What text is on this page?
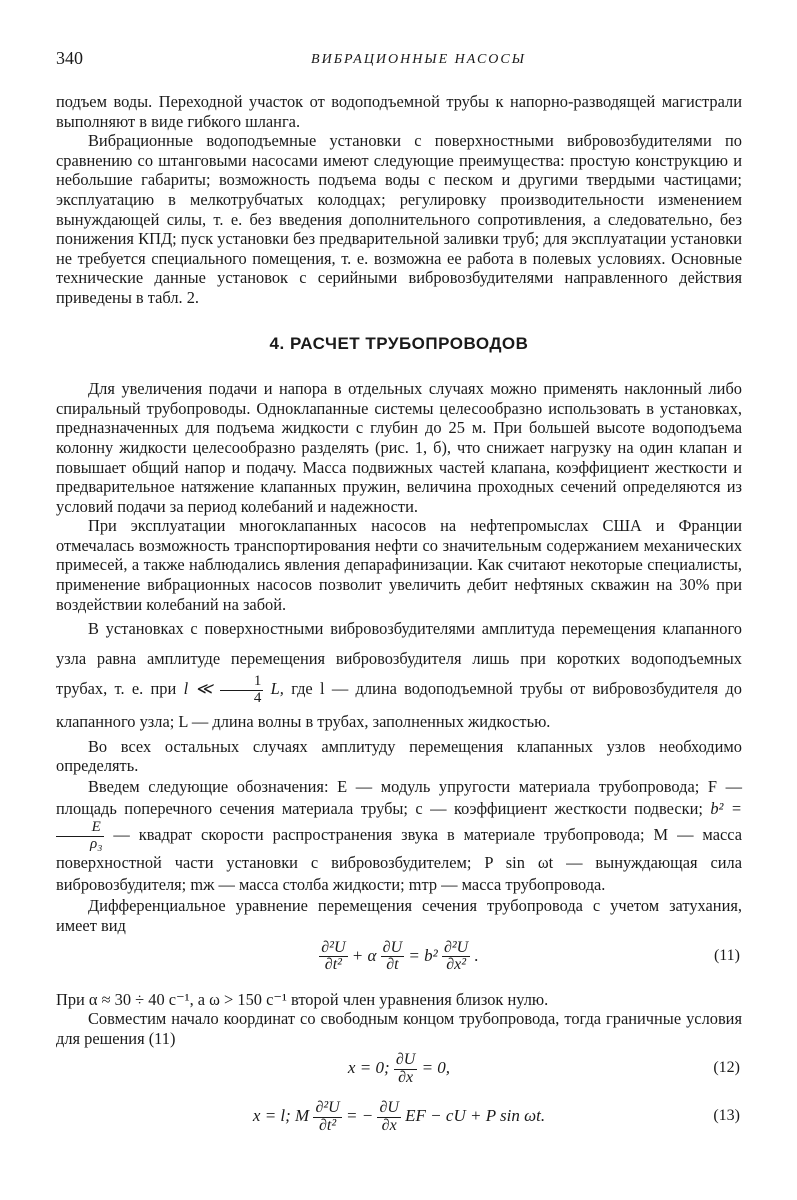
340	ВИБРАЦИОННЫЕ НАСОСЫ

подъем воды. Переходной участок от водоподъемной трубы к напорно-разводящей магистрали выполняют в виде гибкого шланга.

Вибрационные водоподъемные установки с поверхностными вибровозбудителями по сравнению со штанговыми насосами имеют следующие преимущества: простую конструкцию и небольшие габариты; возможность подъема воды с песком и другими твердыми частицами; эксплуатацию в мелкотрубчатых колодцах; регулировку производительности изменением вынуждающей силы, т. е. без введения дополнительного сопротивления, а следовательно, без понижения КПД; пуск установки без предварительной заливки труб; для эксплуатации установки не требуется специального помещения, т. е. возможна ее работа в полевых условиях. Основные технические данные установок с серийными вибровозбудителями направленного действия приведены в табл. 2.

4. РАСЧЕТ ТРУБОПРОВОДОВ

Для увеличения подачи и напора в отдельных случаях можно применять наклонный либо спиральный трубопроводы. Одноклапанные системы целесообразно использовать в установках, предназначенных для подъема жидкости с глубин до 25 м. При большей высоте водоподъема колонну жидкости целесообразно разделять (рис. 1, б), что снижает нагрузку на один клапан и повышает общий напор и подачу. Масса подвижных частей клапана, коэффициент жесткости и предварительное натяжение клапанных пружин, величина проходных сечений определяются из условий подачи за период колебаний и надежности.

При эксплуатации многоклапанных насосов на нефтепромыслах США и Франции отмечалась возможность транспортирования нефти со значительным содержанием механических примесей, а также наблюдались явления депарафинизации. Как считают некоторые специалисты, применение вибрационных насосов позволит увеличить дебит нефтяных скважин на 30% при воздействии колебаний на забой.

В установках с поверхностными вибровозбудителями амплитуда перемещения клапанного узла равна амплитуде перемещения вибровозбудителя лишь при коротких водоподъемных трубах, т. е. при l ≪ $\frac{1}{4} L$, где l — длина водоподъемной трубы от вибровозбудителя до клапанного узла; L — длина волны в трубах, заполненных жидкостью.

Во всех остальных случаях амплитуду перемещения клапанных узлов необходимо определять.

Введем следующие обозначения: E — модуль упругости материала трубопровода; F — площадь поперечного сечения материала трубы; c — коэффициент жесткости подвески; b² =
$\frac{E}{\text{ρ₃}}$ — квадрат скорости распространения звука в материале трубопровода; M — масса поверхностной части установки с вибровозбудителем; P sin ωt — вынуждающая сила вибровозбудителя; mж — масса столба жидкости; mтр — масса трубопровода.

Дифференциальное уравнение перемещения сечения трубопровода с учетом затухания, имеет вид

$\frac{\text{∂²U}}{\text{∂t²}} + \alpha \frac{\partial U}{\partial t} = b^2 \frac{\text{∂²U}}{\text{∂x²}}$ .	(11)

При α ≈ 30 ÷ 40 с⁻¹, а ω > 150 с⁻¹ второй член уравнения близок нулю.

Совместим начало координат со свободным концом трубопровода, тогда граничные условия для решения (11)

x = 0; $\frac{\partial U}{\partial x} = 0$,	(12)
x = l; M $\frac{\text{∂²U}}{\text{∂t²}}$ = − $\frac{\partial U}{\partial x}$ EF − cU + P sin ωt.	(13)
